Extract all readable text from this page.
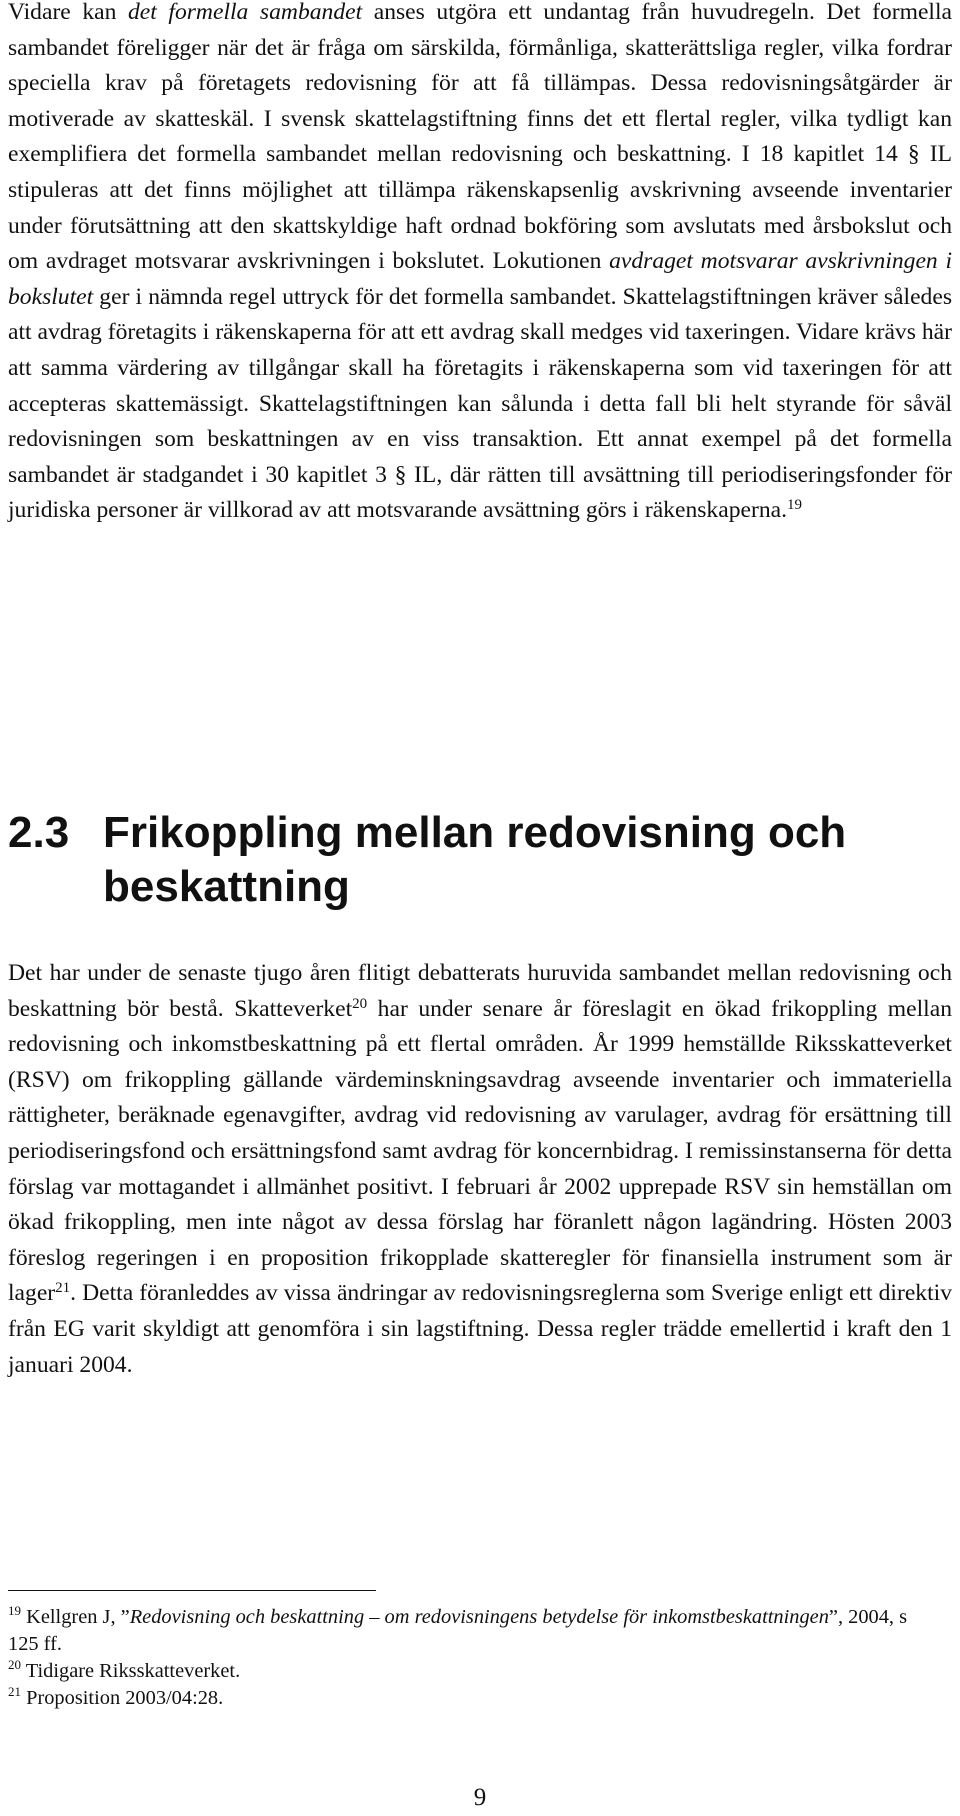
Vidare kan det formella sambandet anses utgöra ett undantag från huvudregeln. Det formella sambandet föreligger när det är fråga om särskilda, förmånliga, skatterättsliga regler, vilka fordrar speciella krav på företagets redovisning för att få tillämpas. Dessa redovisningsåtgärder är motiverade av skatteskäl. I svensk skattelagstiftning finns det ett flertal regler, vilka tydligt kan exemplifiera det formella sambandet mellan redovisning och beskattning. I 18 kapitlet 14 § IL stipuleras att det finns möjlighet att tillämpa räkenskapsenlig avskrivning avseende inventarier under förutsättning att den skattskyldige haft ordnad bokföring som avslutats med årsbokslut och om avdraget motsvarar avskrivningen i bokslutet. Lokutionen avdraget motsvarar avskrivningen i bokslutet ger i nämnda regel uttryck för det formella sambandet. Skattelagstiftningen kräver således att avdrag företagits i räkenskaperna för att ett avdrag skall medges vid taxeringen. Vidare krävs här att samma värdering av tillgångar skall ha företagits i räkenskaperna som vid taxeringen för att accepteras skattemässigt. Skattelagstiftningen kan sålunda i detta fall bli helt styrande för såväl redovisningen som beskattningen av en viss transaktion. Ett annat exempel på det formella sambandet är stadgandet i 30 kapitlet 3 § IL, där rätten till avsättning till periodiseringsfonder för juridiska personer är villkorad av att motsvarande avsättning görs i räkenskaperna.$^{19}$

2.3 Frikoppling mellan redovisning och beskattning

Det har under de senaste tjugo åren flitigt debatterats huruvida sambandet mellan redovisning och beskattning bör bestå. Skatteverket$^{20}$ har under senare år föreslagit en ökad frikoppling mellan redovisning och inkomstbeskattning på ett flertal områden. År 1999 hemställde Riksskatteverket (RSV) om frikoppling gällande värdeminskningsavdrag avseende inventarier och immateriella rättigheter, beräknade egenavgifter, avdrag vid redovisning av varulager, avdrag för ersättning till periodiseringsfond och ersättningsfond samt avdrag för koncernbidrag. I remissinstanserna för detta förslag var mottagandet i allmänhet positivt. I februari år 2002 upprepade RSV sin hemställan om ökad frikoppling, men inte något av dessa förslag har föranlett någon lagändring. Hösten 2003 föreslog regeringen i en proposition frikopplade skatteregler för finansiella instrument som är lager$^{21}$. Detta föranleddes av vissa ändringar av redovisningsreglerna som Sverige enligt ett direktiv från EG varit skyldigt att genomföra i sin lagstiftning. Dessa regler trädde emellertid i kraft den 1 januari 2004.

$^{19}$ Kellgren J, ”Redovisning och beskattning – om redovisningens betydelse för inkomstbeskattningen”, 2004, s 125 ff.

$^{20}$ Tidigare Riksskatteverket.

$^{21}$ Proposition 2003/04:28.

9
